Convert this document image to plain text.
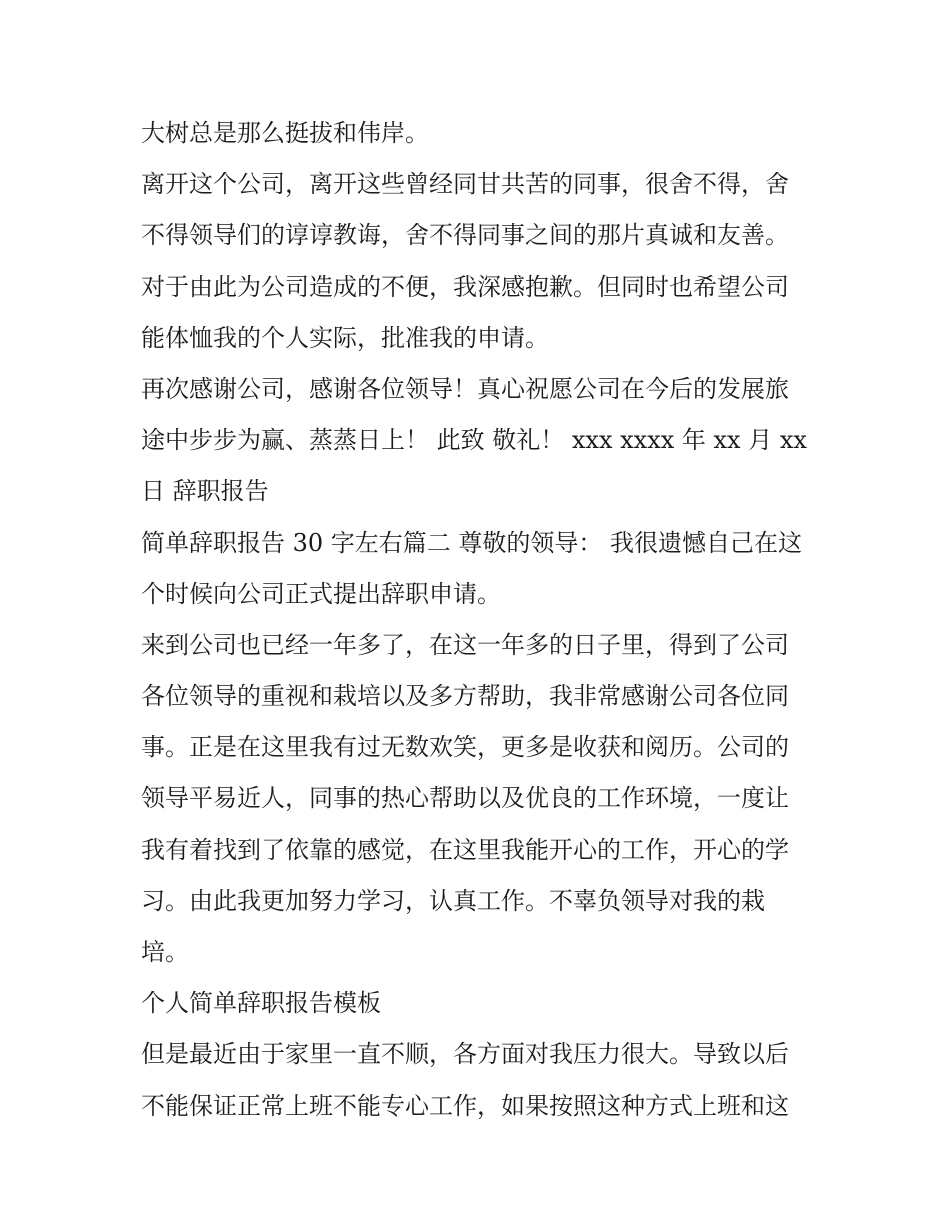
大树总是那么挺拔和伟岸。
离开这个公司，离开这些曾经同甘共苦的同事，很舍不得，舍
不得领导们的谆谆教诲，舍不得同事之间的那片真诚和友善。
对于由此为公司造成的不便，我深感抱歉。但同时也希望公司
能体恤我的个人实际，批准我的申请。
再次感谢公司，感谢各位领导！真心祝愿公司在今后的发展旅
途中步步为赢、蒸蒸日上！ 此致 敬礼！ xxx xxxx 年 xx 月 xx
日 辞职报告
简单辞职报告 30 字左右篇二 尊敬的领导： 我很遗憾自己在这
个时候向公司正式提出辞职申请。
来到公司也已经一年多了，在这一年多的日子里，得到了公司
各位领导的重视和栽培以及多方帮助，我非常感谢公司各位同
事。正是在这里我有过无数欢笑，更多是收获和阅历。公司的
领导平易近人，同事的热心帮助以及优良的工作环境，一度让
我有着找到了依靠的感觉，在这里我能开心的工作，开心的学
习。由此我更加努力学习，认真工作。不辜负领导对我的栽
培。
个人简单辞职报告模板
但是最近由于家里一直不顺，各方面对我压力很大。导致以后
不能保证正常上班不能专心工作，如果按照这种方式上班和这
